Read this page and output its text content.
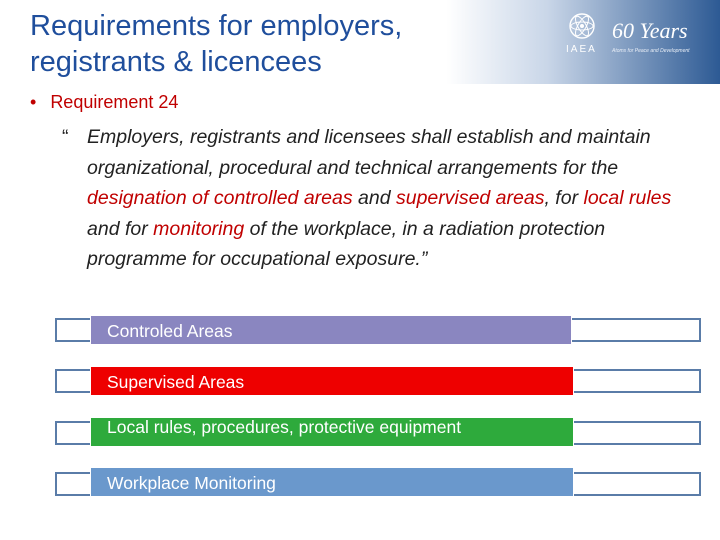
Requirements for employers,
registrants & licencees	IAEA
60 Years
Atoms for Peace and Development
• Requirement 24
“ Employers, registrants and licensees shall establish and maintain organizational, procedural and technical arrangements for the designation of controlled areas and supervised areas, for local rules and for monitoring of the workplace, in a radiation protection programme for occupational exposure.”
Controled Areas
Supervised Areas
Local rules, procedures, protective equipment
Workplace Monitoring
